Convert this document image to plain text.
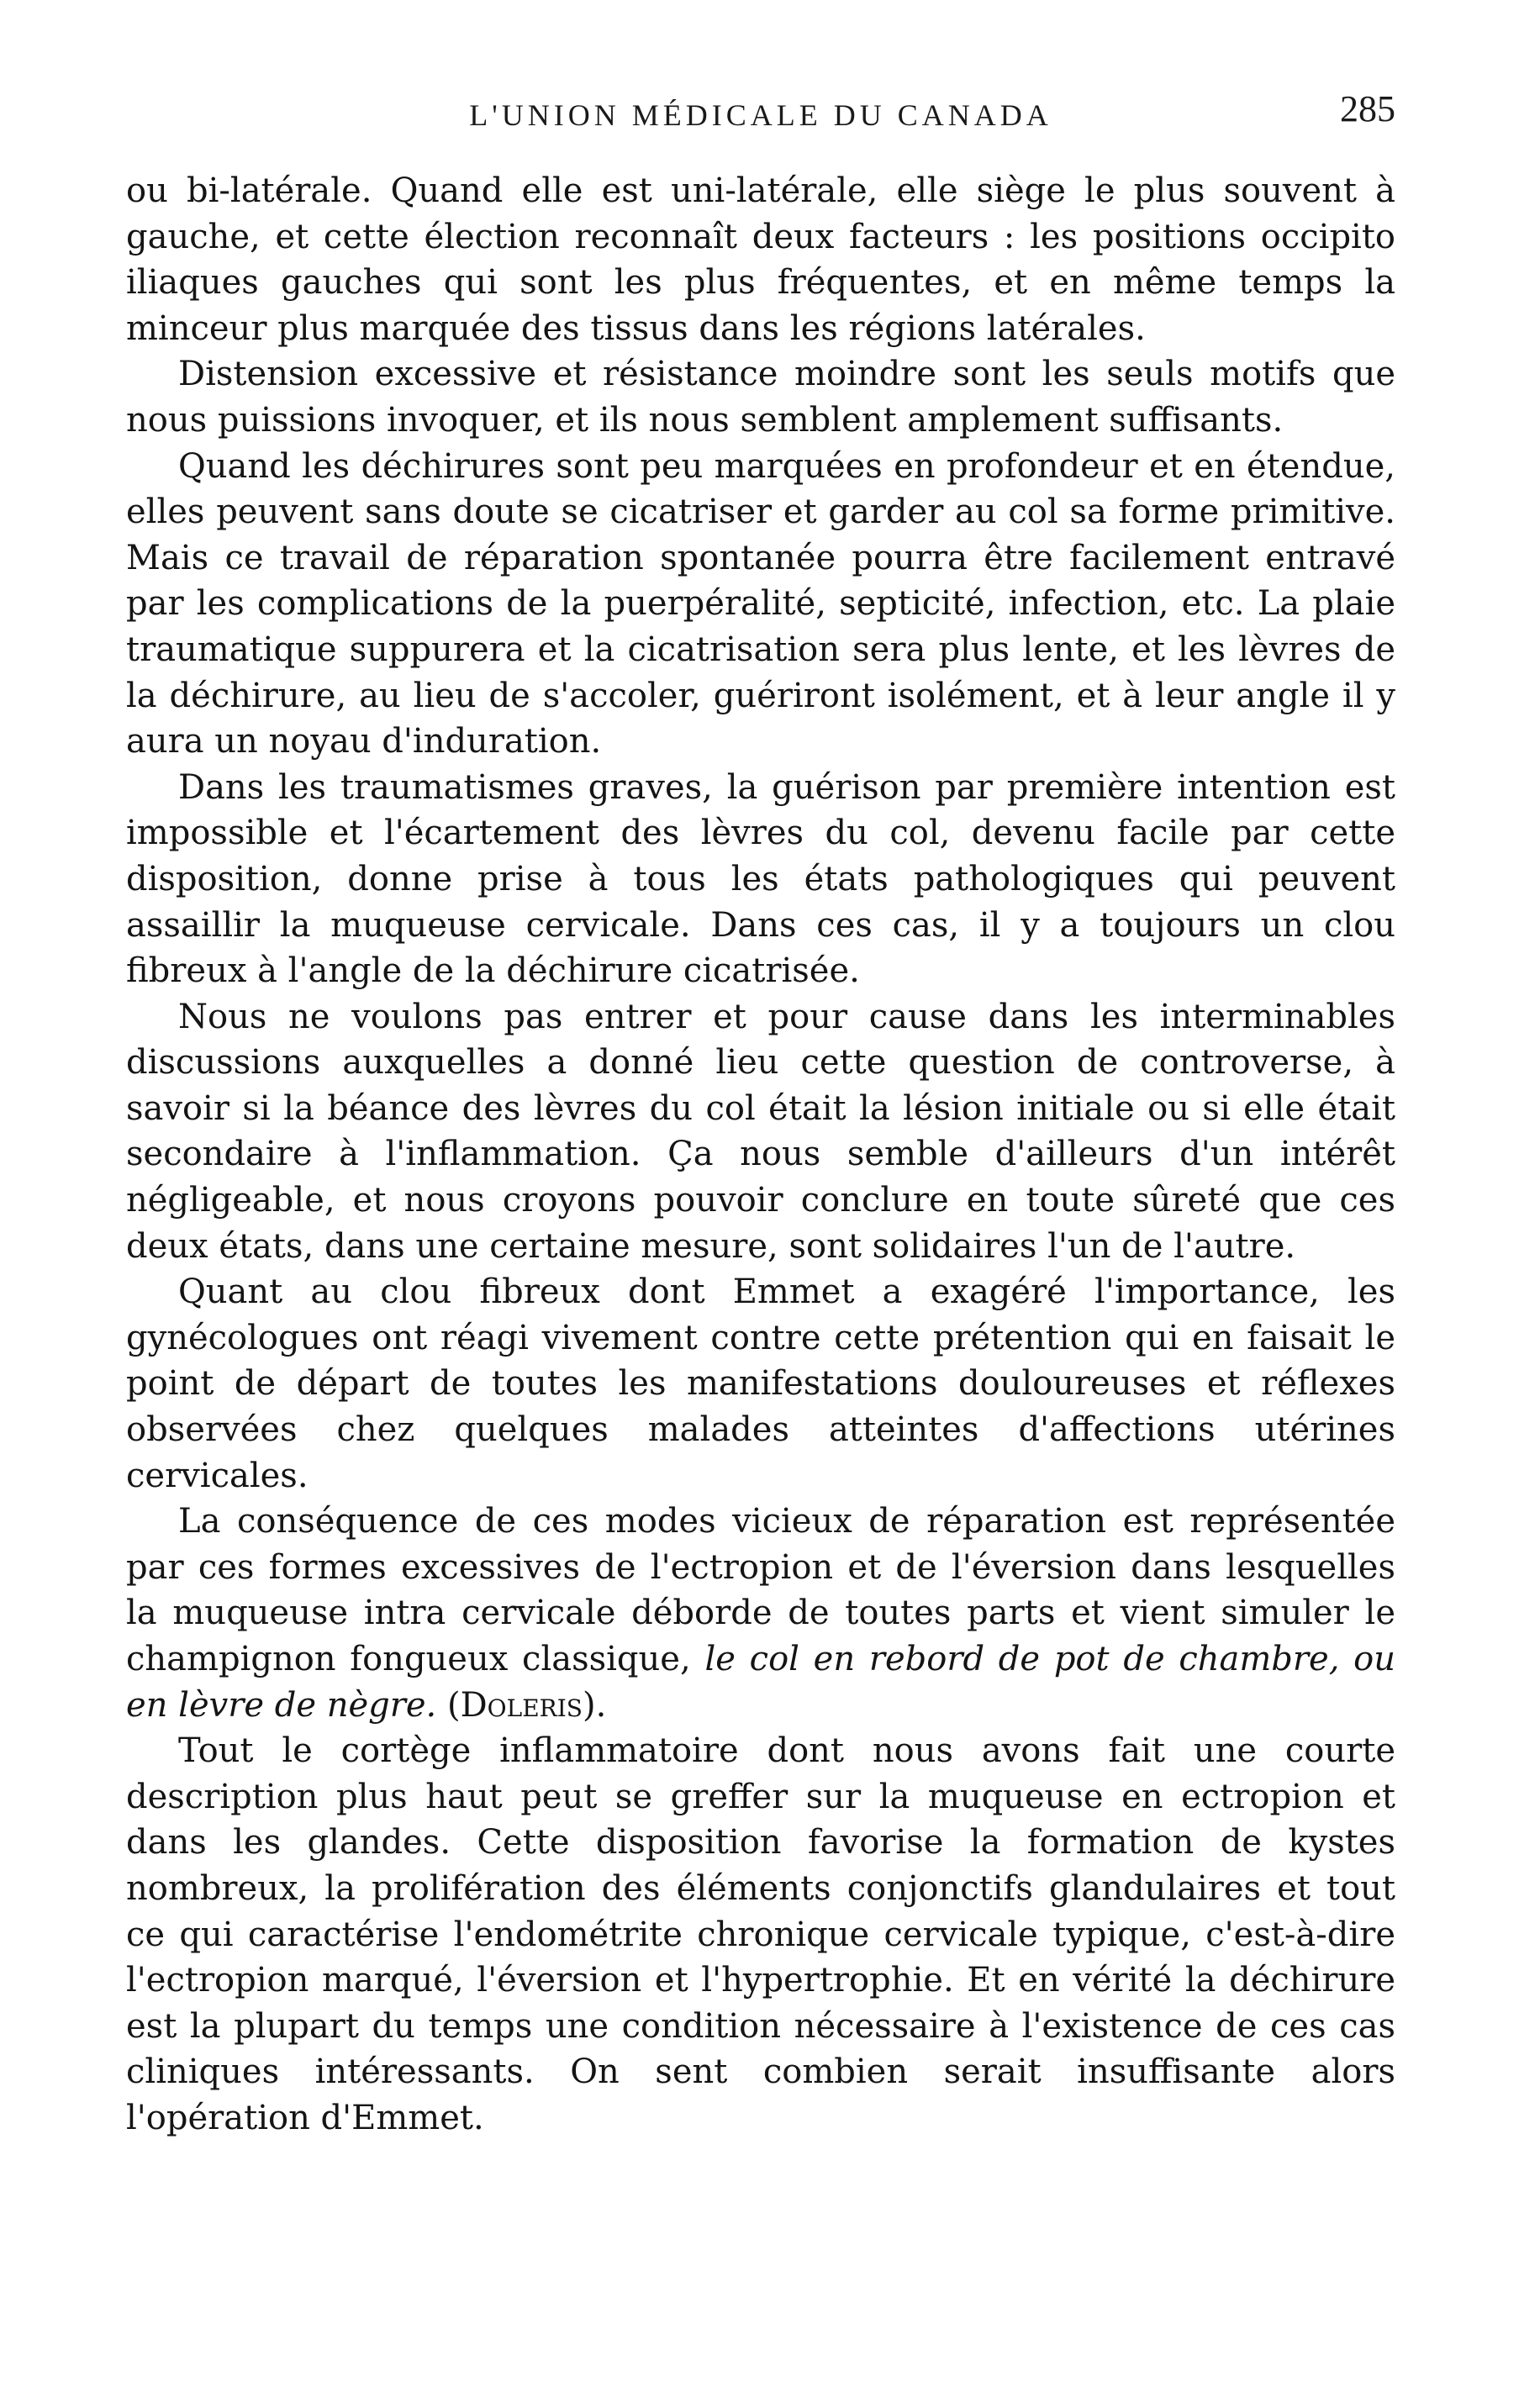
L'UNION MÉDICALE DU CANADA	285

ou bi-latérale. Quand elle est uni-latérale, elle siège le plus souvent à gauche, et cette élection reconnaît deux facteurs : les positions occipito iliaques gauches qui sont les plus fréquentes, et en même temps la minceur plus marquée des tissus dans les régions latérales.

Distension excessive et résistance moindre sont les seuls motifs que nous puissions invoquer, et ils nous semblent amplement suffisants.

Quand les déchirures sont peu marquées en profondeur et en étendue, elles peuvent sans doute se cicatriser et garder au col sa forme primitive. Mais ce travail de réparation spontanée pourra être facilement entravé par les complications de la puerpéralité, septicité, infection, etc. La plaie traumatique suppurera et la cicatrisation sera plus lente, et les lèvres de la déchirure, au lieu de s'accoler, guériront isolément, et à leur angle il y aura un noyau d'induration.

Dans les traumatismes graves, la guérison par première intention est impossible et l'écartement des lèvres du col, devenu facile par cette disposition, donne prise à tous les états pathologiques qui peuvent assaillir la muqueuse cervicale. Dans ces cas, il y a toujours un clou fibreux à l'angle de la déchirure cicatrisée.

Nous ne voulons pas entrer et pour cause dans les interminables discussions auxquelles a donné lieu cette question de controverse, à savoir si la béance des lèvres du col était la lésion initiale ou si elle était secondaire à l'inflammation. Ça nous semble d'ailleurs d'un intérêt négligeable, et nous croyons pouvoir conclure en toute sûreté que ces deux états, dans une certaine mesure, sont solidaires l'un de l'autre.

Quant au clou fibreux dont Emmet a exagéré l'importance, les gynécologues ont réagi vivement contre cette prétention qui en faisait le point de départ de toutes les manifestations douloureuses et réflexes observées chez quelques malades atteintes d'affections utérines cervicales.

La conséquence de ces modes vicieux de réparation est représentée par ces formes excessives de l'ectropion et de l'éversion dans lesquelles la muqueuse intra cervicale déborde de toutes parts et vient simuler le champignon fongueux classique, le col en rebord de pot de chambre, ou en lèvre de nègre. (Doleris).

Tout le cortège inflammatoire dont nous avons fait une courte description plus haut peut se greffer sur la muqueuse en ectropion et dans les glandes. Cette disposition favorise la formation de kystes nombreux, la prolifération des éléments conjonctifs glandulaires et tout ce qui caractérise l'endométrite chronique cervicale typique, c'est-à-dire l'ectropion marqué, l'éversion et l'hypertrophie. Et en vérité la déchirure est la plupart du temps une condition nécessaire à l'existence de ces cas cliniques intéressants. On sent combien serait insuffisante alors l'opération d'Emmet.
